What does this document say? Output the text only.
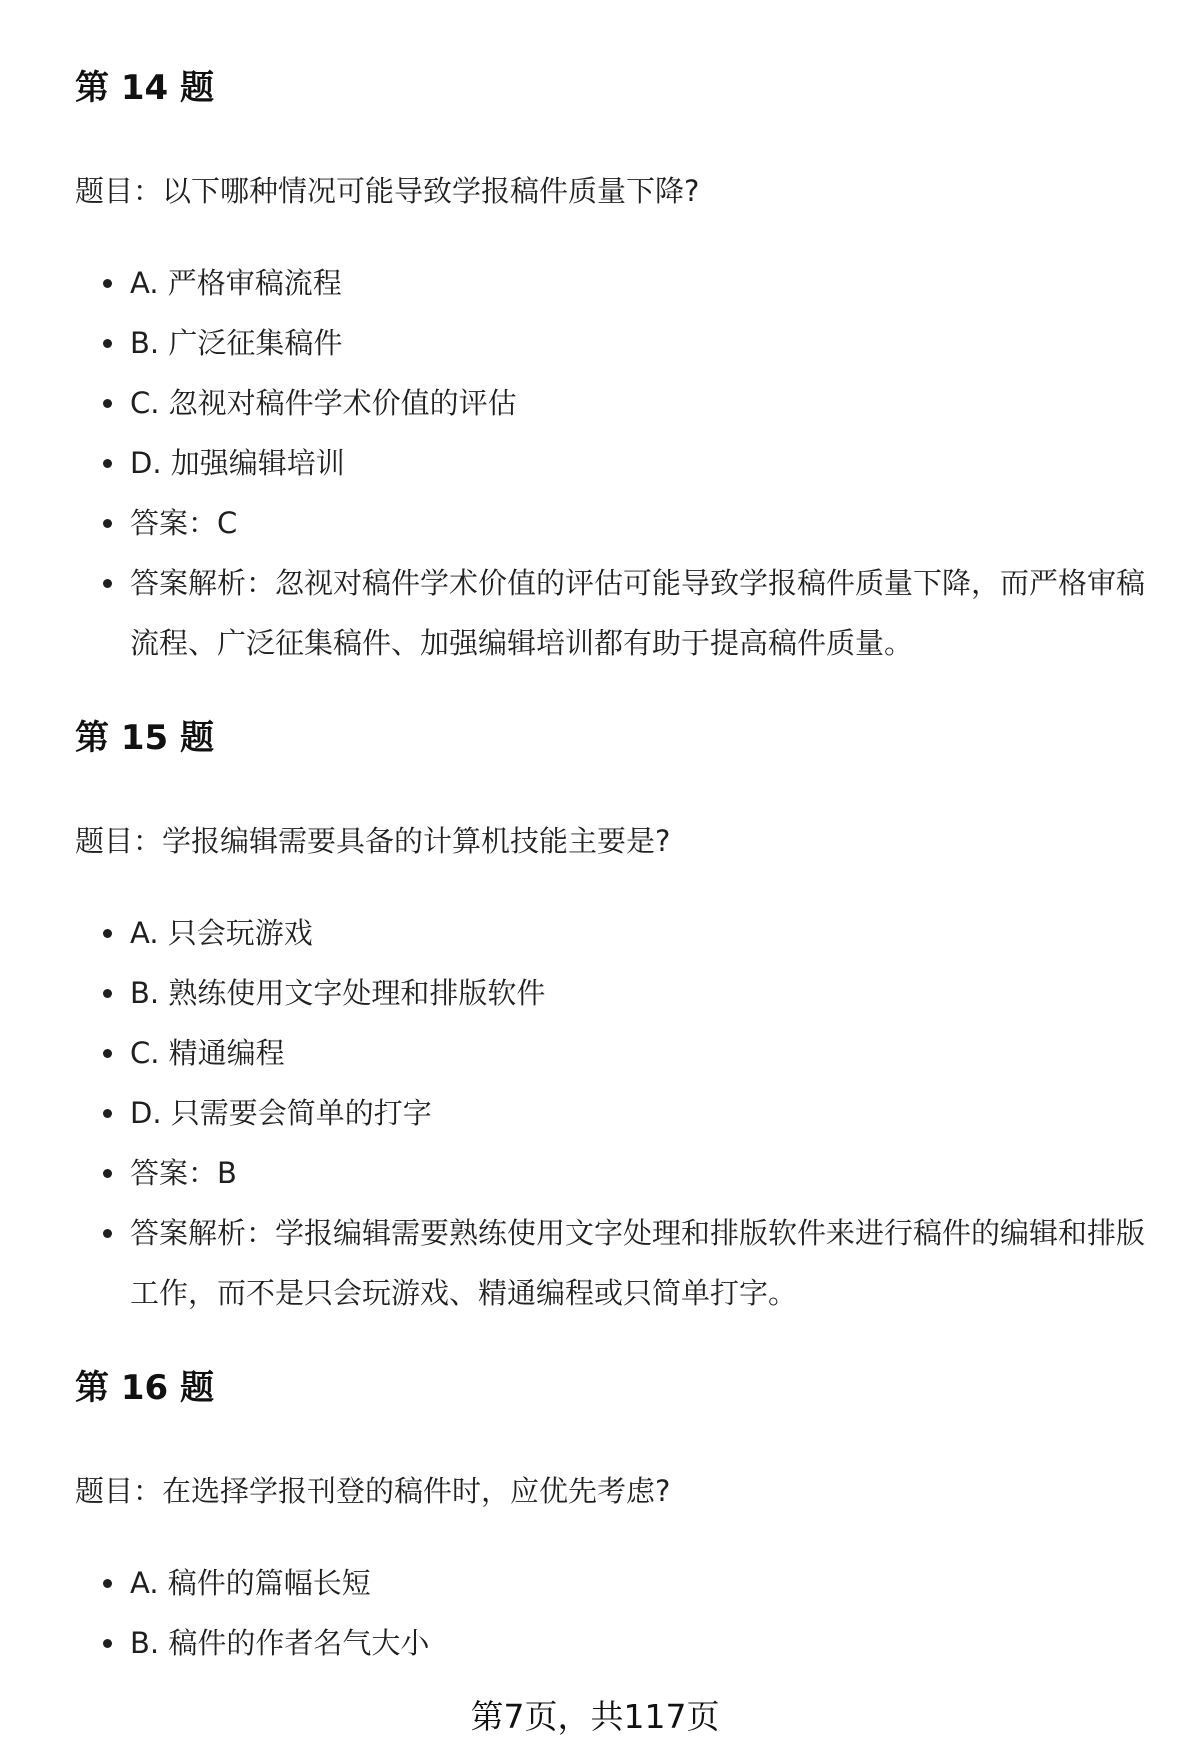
第 14 题

题目：以下哪种情况可能导致学报稿件质量下降?

A. 严格审稿流程

B. 广泛征集稿件

C. 忽视对稿件学术价值的评估

D. 加强编辑培训

答案：C

答案解析：忽视对稿件学术价值的评估可能导致学报稿件质量下降，而严格审稿流程、广泛征集稿件、加强编辑培训都有助于提高稿件质量。

第 15 题

题目：学报编辑需要具备的计算机技能主要是?

A. 只会玩游戏

B. 熟练使用文字处理和排版软件

C. 精通编程

D. 只需要会简单的打字

答案：B

答案解析：学报编辑需要熟练使用文字处理和排版软件来进行稿件的编辑和排版工作，而不是只会玩游戏、精通编程或只简单打字。

第 16 题

题目：在选择学报刊登的稿件时，应优先考虑?

A. 稿件的篇幅长短

B. 稿件的作者名气大小

第7页，共117页
